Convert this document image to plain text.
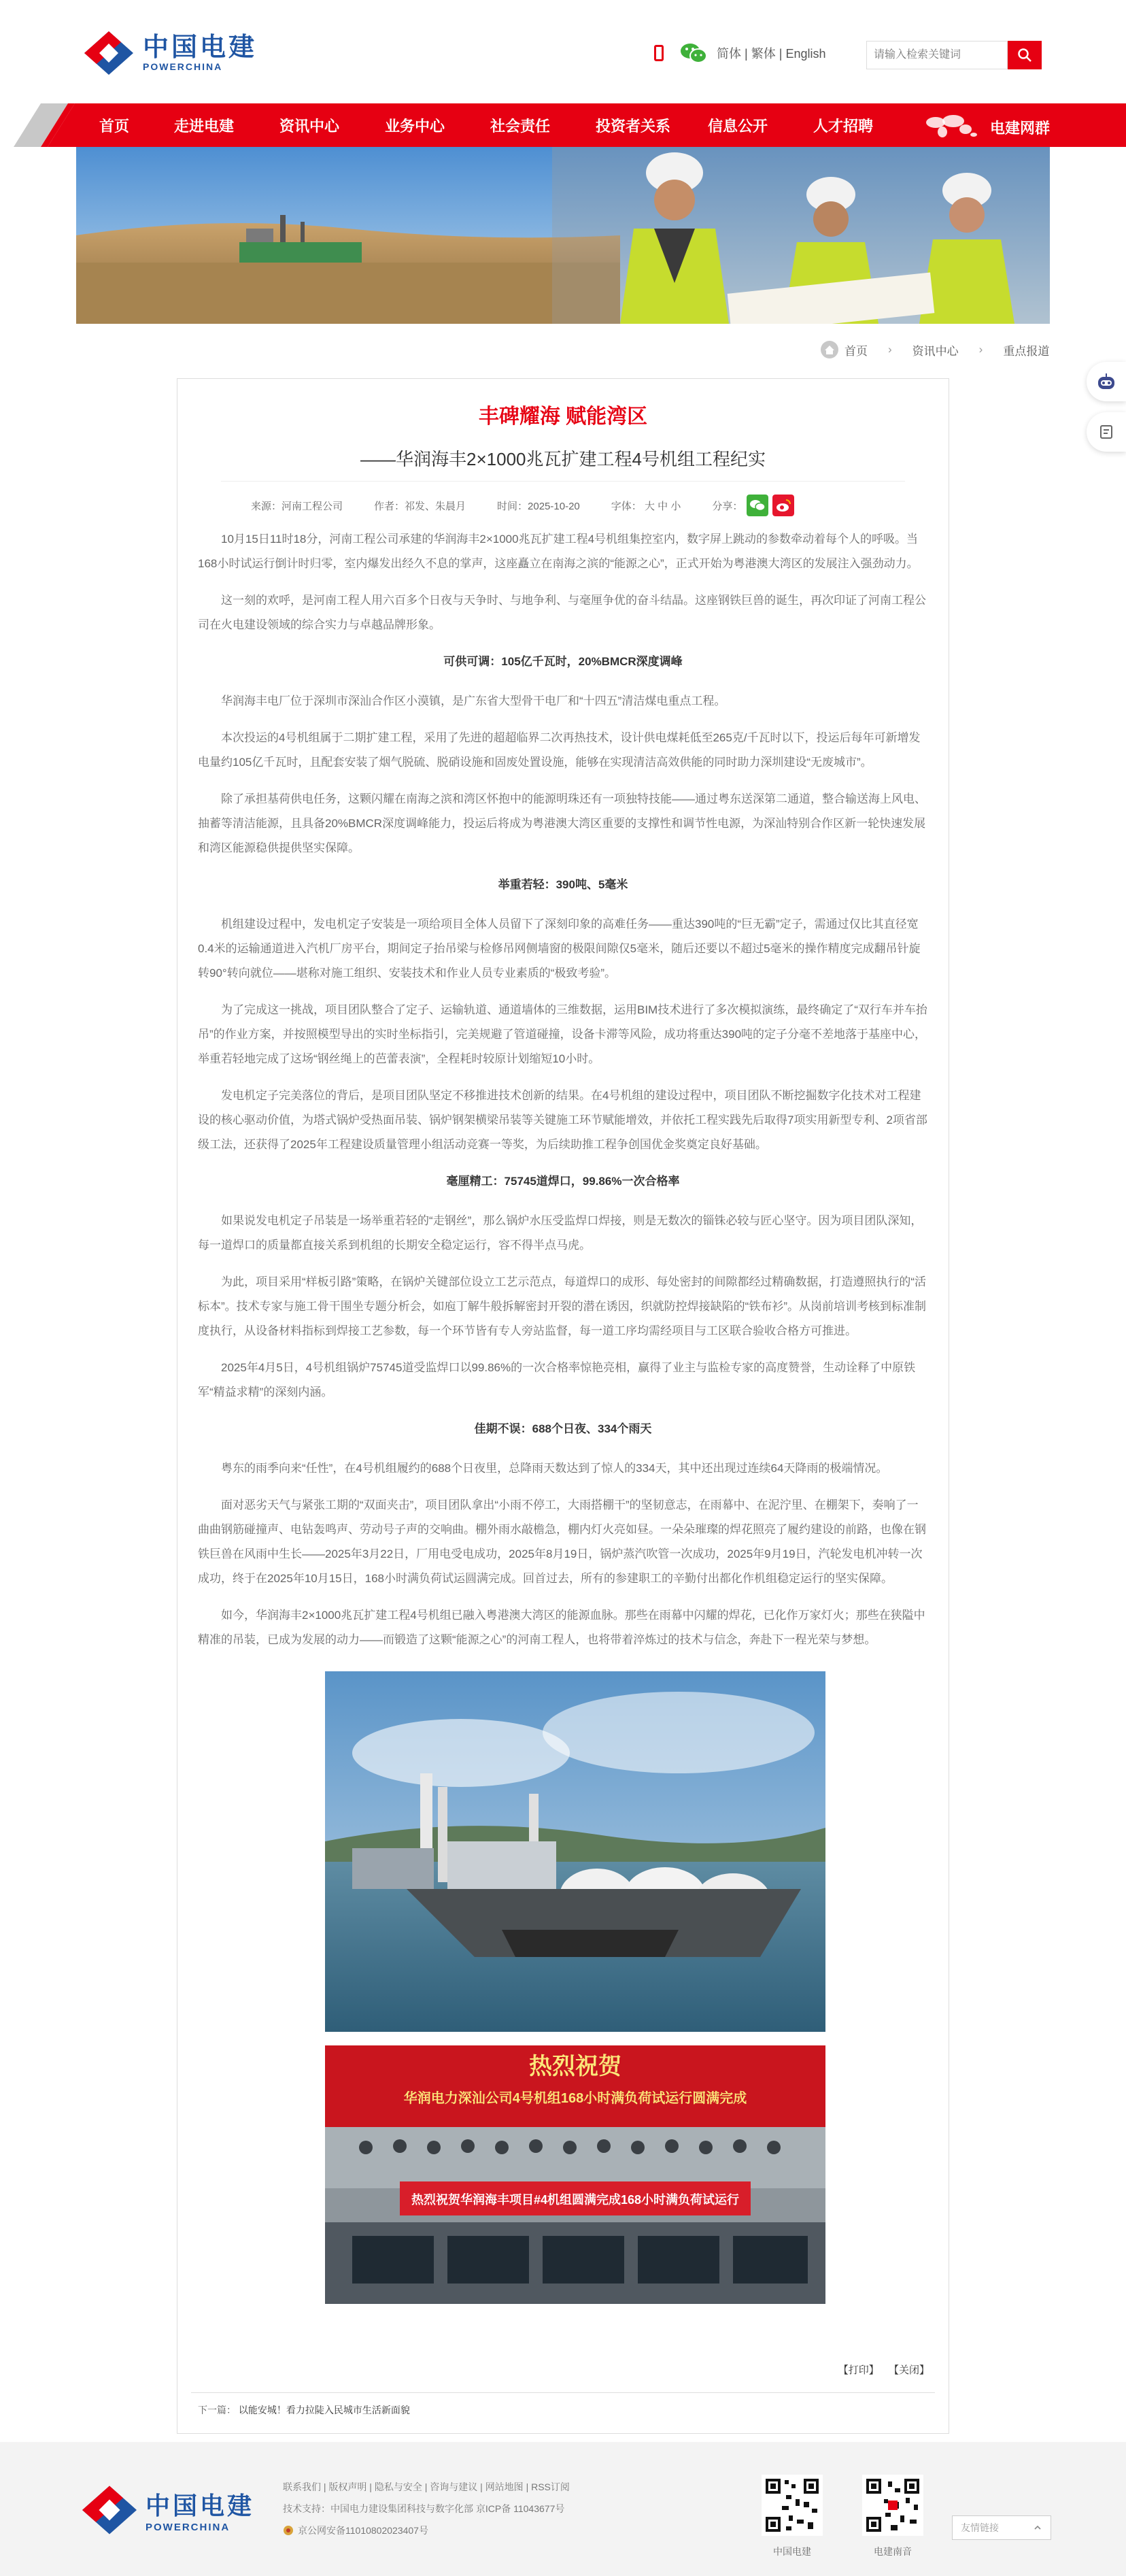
中国电建
POWERCHINA
简体 | 繁体 | English
请输入检索关键词
首页	走进电建	资讯中心	业务中心	社会责任	投资者关系	信息公开	人才招聘	电建网群
首页 › 资讯中心 › 重点报道
丰碑耀海 赋能湾区
——华润海丰2×1000兆瓦扩建工程4号机组工程纪实
来源：河南工程公司	作者：祁发、朱晨月	时间：2025-10-20	字体： 大 中 小	分享：

10月15日11时18分，河南工程公司承建的华润海丰2×1000兆瓦扩建工程4号机组集控室内，数字屏上跳动的参数牵动着每个人的呼吸。当168小时试运行倒计时归零，室内爆发出经久不息的掌声，这座矗立在南海之滨的“能源之心”，正式开始为粤港澳大湾区的发展注入强劲动力。

这一刻的欢呼，是河南工程人用六百多个日夜与天争时、与地争利、与毫厘争优的奋斗结晶。这座钢铁巨兽的诞生，再次印证了河南工程公司在火电建设领域的综合实力与卓越品牌形象。

可供可调：105亿千瓦时，20%BMCR深度调峰

华润海丰电厂位于深圳市深汕合作区小漠镇，是广东省大型骨干电厂和“十四五”清洁煤电重点工程。

本次投运的4号机组属于二期扩建工程，采用了先进的超超临界二次再热技术，设计供电煤耗低至265克/千瓦时以下，投运后每年可新增发电量约105亿千瓦时，且配套安装了烟气脱硫、脱硝设施和固废处置设施，能够在实现清洁高效供能的同时助力深圳建设“无废城市”。

除了承担基荷供电任务，这颗闪耀在南海之滨和湾区怀抱中的能源明珠还有一项独特技能——通过粤东送深第二通道，整合输送海上风电、抽蓄等清洁能源，且具备20%BMCR深度调峰能力，投运后将成为粤港澳大湾区重要的支撑性和调节性电源，为深汕特别合作区新一轮快速发展和湾区能源稳供提供坚实保障。

举重若轻：390吨、5毫米

机组建设过程中，发电机定子安装是一项给项目全体人员留下了深刻印象的高难任务——重达390吨的“巨无霸”定子，需通过仅比其直径宽0.4米的运输通道进入汽机厂房平台，期间定子抬吊梁与检修吊网侧墙窗的极限间隙仅5毫米，随后还要以不超过5毫米的操作精度完成翻吊针旋转90°转向就位——堪称对施工组织、安装技术和作业人员专业素质的“极致考验”。

为了完成这一挑战，项目团队整合了定子、运输轨道、通道墙体的三维数据，运用BIM技术进行了多次模拟演练，最终确定了“双行车并车抬吊”的作业方案，并按照模型导出的实时坐标指引，完美规避了管道碰撞，设备卡滞等风险，成功将重达390吨的定子分毫不差地落于基座中心，举重若轻地完成了这场“钢丝绳上的芭蕾表演”，全程耗时较原计划缩短10小时。

发电机定子完美落位的背后，是项目团队坚定不移推进技术创新的结果。在4号机组的建设过程中，项目团队不断挖掘数字化技术对工程建设的核心驱动价值，为塔式锅炉受热面吊装、锅炉钢架横梁吊装等关键施工环节赋能增效，并依托工程实践先后取得7项实用新型专利、2项省部级工法，还获得了2025年工程建设质量管理小组活动竞赛一等奖，为后续助推工程争创国优金奖奠定良好基础。

毫厘精工：75745道焊口，99.86%一次合格率

如果说发电机定子吊装是一场举重若轻的“走钢丝”，那么锅炉水压受监焊口焊接，则是无数次的锱铢必较与匠心坚守。因为项目团队深知，每一道焊口的质量都直接关系到机组的长期安全稳定运行，容不得半点马虎。

为此，项目采用“样板引路”策略，在锅炉关键部位设立工艺示范点，每道焊口的成形、每处密封的间隙都经过精确数据，打造遵照执行的“活标本”。技术专家与施工骨干围坐专题分析会，如庖丁解牛般拆解密封开裂的潜在诱因，织就防控焊接缺陷的“铁布衫”。从岗前培训考核到标准制度执行，从设备材料指标到焊接工艺参数，每一个环节皆有专人旁站监督，每一道工序均需经项目与工区联合验收合格方可推进。

2025年4月5日，4号机组锅炉75745道受监焊口以99.86%的一次合格率惊艳亮相，赢得了业主与监检专家的高度赞誉，生动诠释了中原铁军“精益求精”的深刻内涵。

佳期不误：688个日夜、334个雨天

粤东的雨季向来“任性”，在4号机组履约的688个日夜里，总降雨天数达到了惊人的334天，其中还出现过连续64天降雨的极端情况。

面对恶劣天气与紧张工期的“双面夹击”，项目团队拿出“小雨不停工，大雨搭棚干”的坚韧意志，在雨幕中、在泥泞里、在棚架下，奏响了一曲曲钢筋碰撞声、电钻轰鸣声、劳动号子声的交响曲。棚外雨水敲檐急，棚内灯火亮如昼。一朵朵璀璨的焊花照亮了履约建设的前路，也像在钢铁巨兽在风雨中生长——2025年3月22日，厂用电受电成功，2025年8月19日，锅炉蒸汽吹管一次成功，2025年9月19日，汽轮发电机冲转一次成功，终于在2025年10月15日，168小时满负荷试运圆满完成。回首过去，所有的参建职工的辛勤付出都化作机组稳定运行的坚实保障。

如今，华润海丰2×1000兆瓦扩建工程4号机组已融入粤港澳大湾区的能源血脉。那些在雨幕中闪耀的焊花，已化作万家灯火；那些在狭隘中精准的吊装，已成为发展的动力——而锻造了这颗“能源之心”的河南工程人，也将带着淬炼过的技术与信念，奔赴下一程光荣与梦想。

热烈祝贺
华润电力深汕公司4号机组168小时满负荷试运行圆满完成
热烈祝贺华润海丰项目#4机组圆满完成168小时满负荷试运行
【打印】 【关闭】
下一篇： 以能安城！看力拉陡入民城市生活新面貌
中国电建
POWERCHINA
联系我们 | 版权声明 | 隐私与安全 | 咨询与建议 | 网站地图 | RSS订阅
技术支持：中国电力建设集团科技与数字化部 京ICP备 11043677号
京公网安备11010802023407号
中国电建	电建南音
友情链接
